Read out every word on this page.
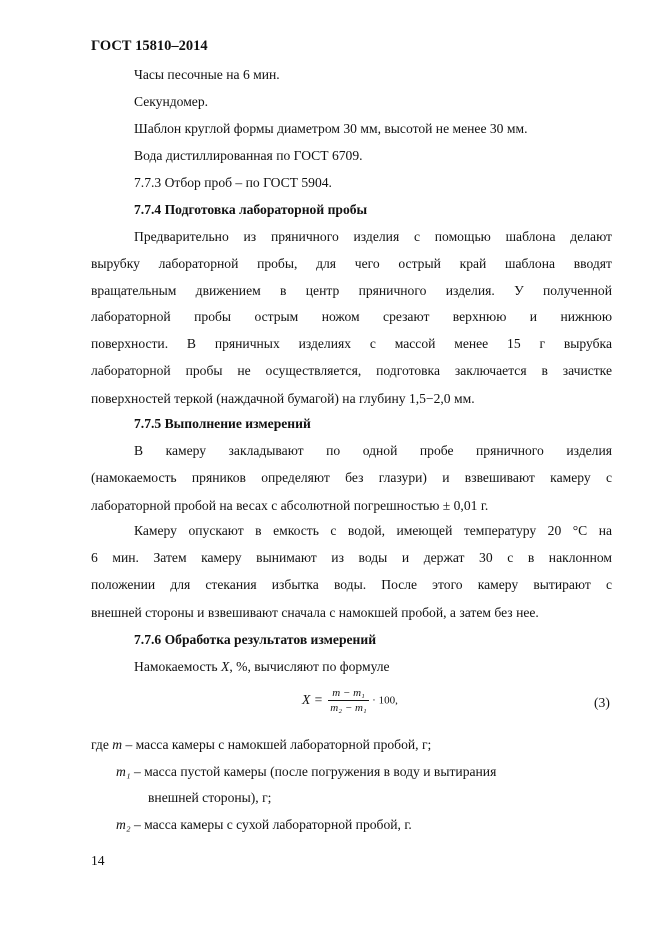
ГОСТ 15810–2014
Часы песочные на 6 мин.
Секундомер.
Шаблон круглой формы диаметром 30 мм, высотой не менее 30 мм.
Вода дистиллированная по ГОСТ 6709.
7.7.3 Отбор проб – по ГОСТ 5904.
7.7.4 Подготовка лабораторной пробы
Предварительно из пряничного изделия с помощью шаблона делают
вырубку лабораторной пробы, для чего острый край шаблона вводят
вращательным движением в центр пряничного изделия. У полученной
лабораторной пробы острым ножом срезают верхнюю и нижнюю
поверхности. В пряничных изделиях с массой менее 15 г вырубка
лабораторной пробы не осуществляется, подготовка заключается в зачистке
поверхностей теркой (наждачной бумагой) на глубину 1,5−2,0 мм.
7.7.5 Выполнение измерений
В камеру закладывают по одной пробе пряничного изделия
(намокаемость пряников определяют без глазури) и взвешивают камеру с
лабораторной пробой на весах с абсолютной погрешностью ± 0,01 г.
Камеру опускают в емкость с водой, имеющей температуру 20 °С на
6 мин. Затем камеру вынимают из воды и держат 30 с в наклонном
положении для стекания избытка воды. После этого камеру вытирают с
внешней стороны и взвешивают сначала с намокшей пробой, а затем без нее.
7.7.6 Обработка результатов измерений
Намокаемость X, %, вычисляют по формуле
$X = \frac{\text{m − m₁}}{\text{m₂ − m₁}} \cdot 100$,	(3)
где m – масса камеры с намокшей лабораторной пробой, г;
m₁ – масса пустой камеры (после погружения в воду и вытирания
внешней стороны), г;
m₂ – масса камеры с сухой лабораторной пробой, г.
14
